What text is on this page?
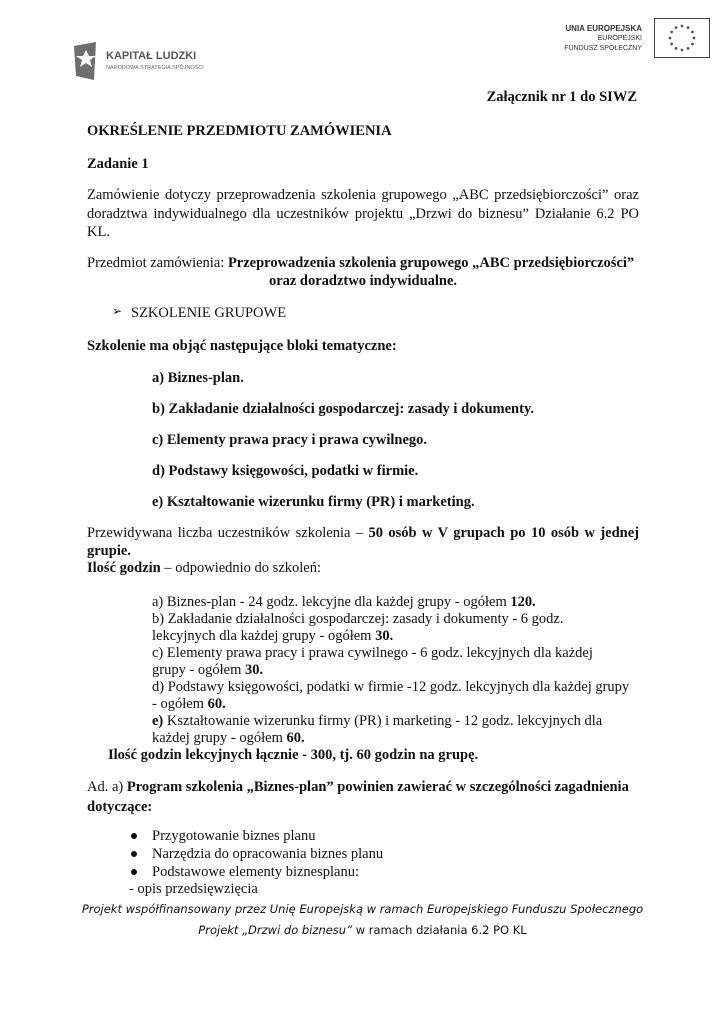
KAPITAŁ LUDZKI
NARODOWA STRATEGIA SPÓJNOŚCI
UNIA EUROPEJSKA
EUROPEJSKI
FUNDUSZ SPOŁECZNY
Załącznik nr 1 do SIWZ
OKREŚLENIE PRZEDMIOTU ZAMÓWIENIA
Zadanie 1
Zamówienie dotyczy przeprowadzenia szkolenia grupowego „ABC przedsiębiorczości” oraz
doradztwa indywidualnego dla uczestników projektu „Drzwi do biznesu” Działanie 6.2 PO
KL.
Przedmiot zamówienia: Przeprowadzenia szkolenia grupowego „ABC przedsiębiorczości”
oraz doradztwo indywidualne.
➢ SZKOLENIE GRUPOWE
Szkolenie ma objąć następujące bloki tematyczne:
a) Biznes-plan.
b) Zakładanie działalności gospodarczej: zasady i dokumenty.
c) Elementy prawa pracy i prawa cywilnego.
d) Podstawy księgowości, podatki w firmie.
e) Kształtowanie wizerunku firmy (PR) i marketing.
Przewidywana liczba uczestników szkolenia – 50 osób w V grupach po 10 osób w jednej
grupie.
Ilość godzin – odpowiednio do szkoleń:
a) Biznes-plan - 24 godz. lekcyjne dla każdej grupy - ogółem 120.
b) Zakładanie działalności gospodarczej: zasady i dokumenty - 6 godz.
lekcyjnych dla każdej grupy - ogółem 30.
c) Elementy prawa pracy i prawa cywilnego - 6 godz. lekcyjnych dla każdej
grupy - ogółem 30.
d) Podstawy księgowości, podatki w firmie -12 godz. lekcyjnych dla każdej grupy
- ogółem 60.
e) Kształtowanie wizerunku firmy (PR) i marketing - 12 godz. lekcyjnych dla
każdej grupy - ogółem 60.
Ilość godzin lekcyjnych łącznie - 300, tj. 60 godzin na grupę.
Ad. a) Program szkolenia „Biznes-plan” powinien zawierać w szczególności zagadnienia
dotyczące:
Przygotowanie biznes planu
Narzędzia do opracowania biznes planu
Podstawowe elementy biznesplanu:
- opis przedsięwzięcia
Projekt współfinansowany przez Unię Europejską w ramach Europejskiego Funduszu Społecznego
Projekt „Drzwi do biznesu” w ramach działania 6.2 PO KL
